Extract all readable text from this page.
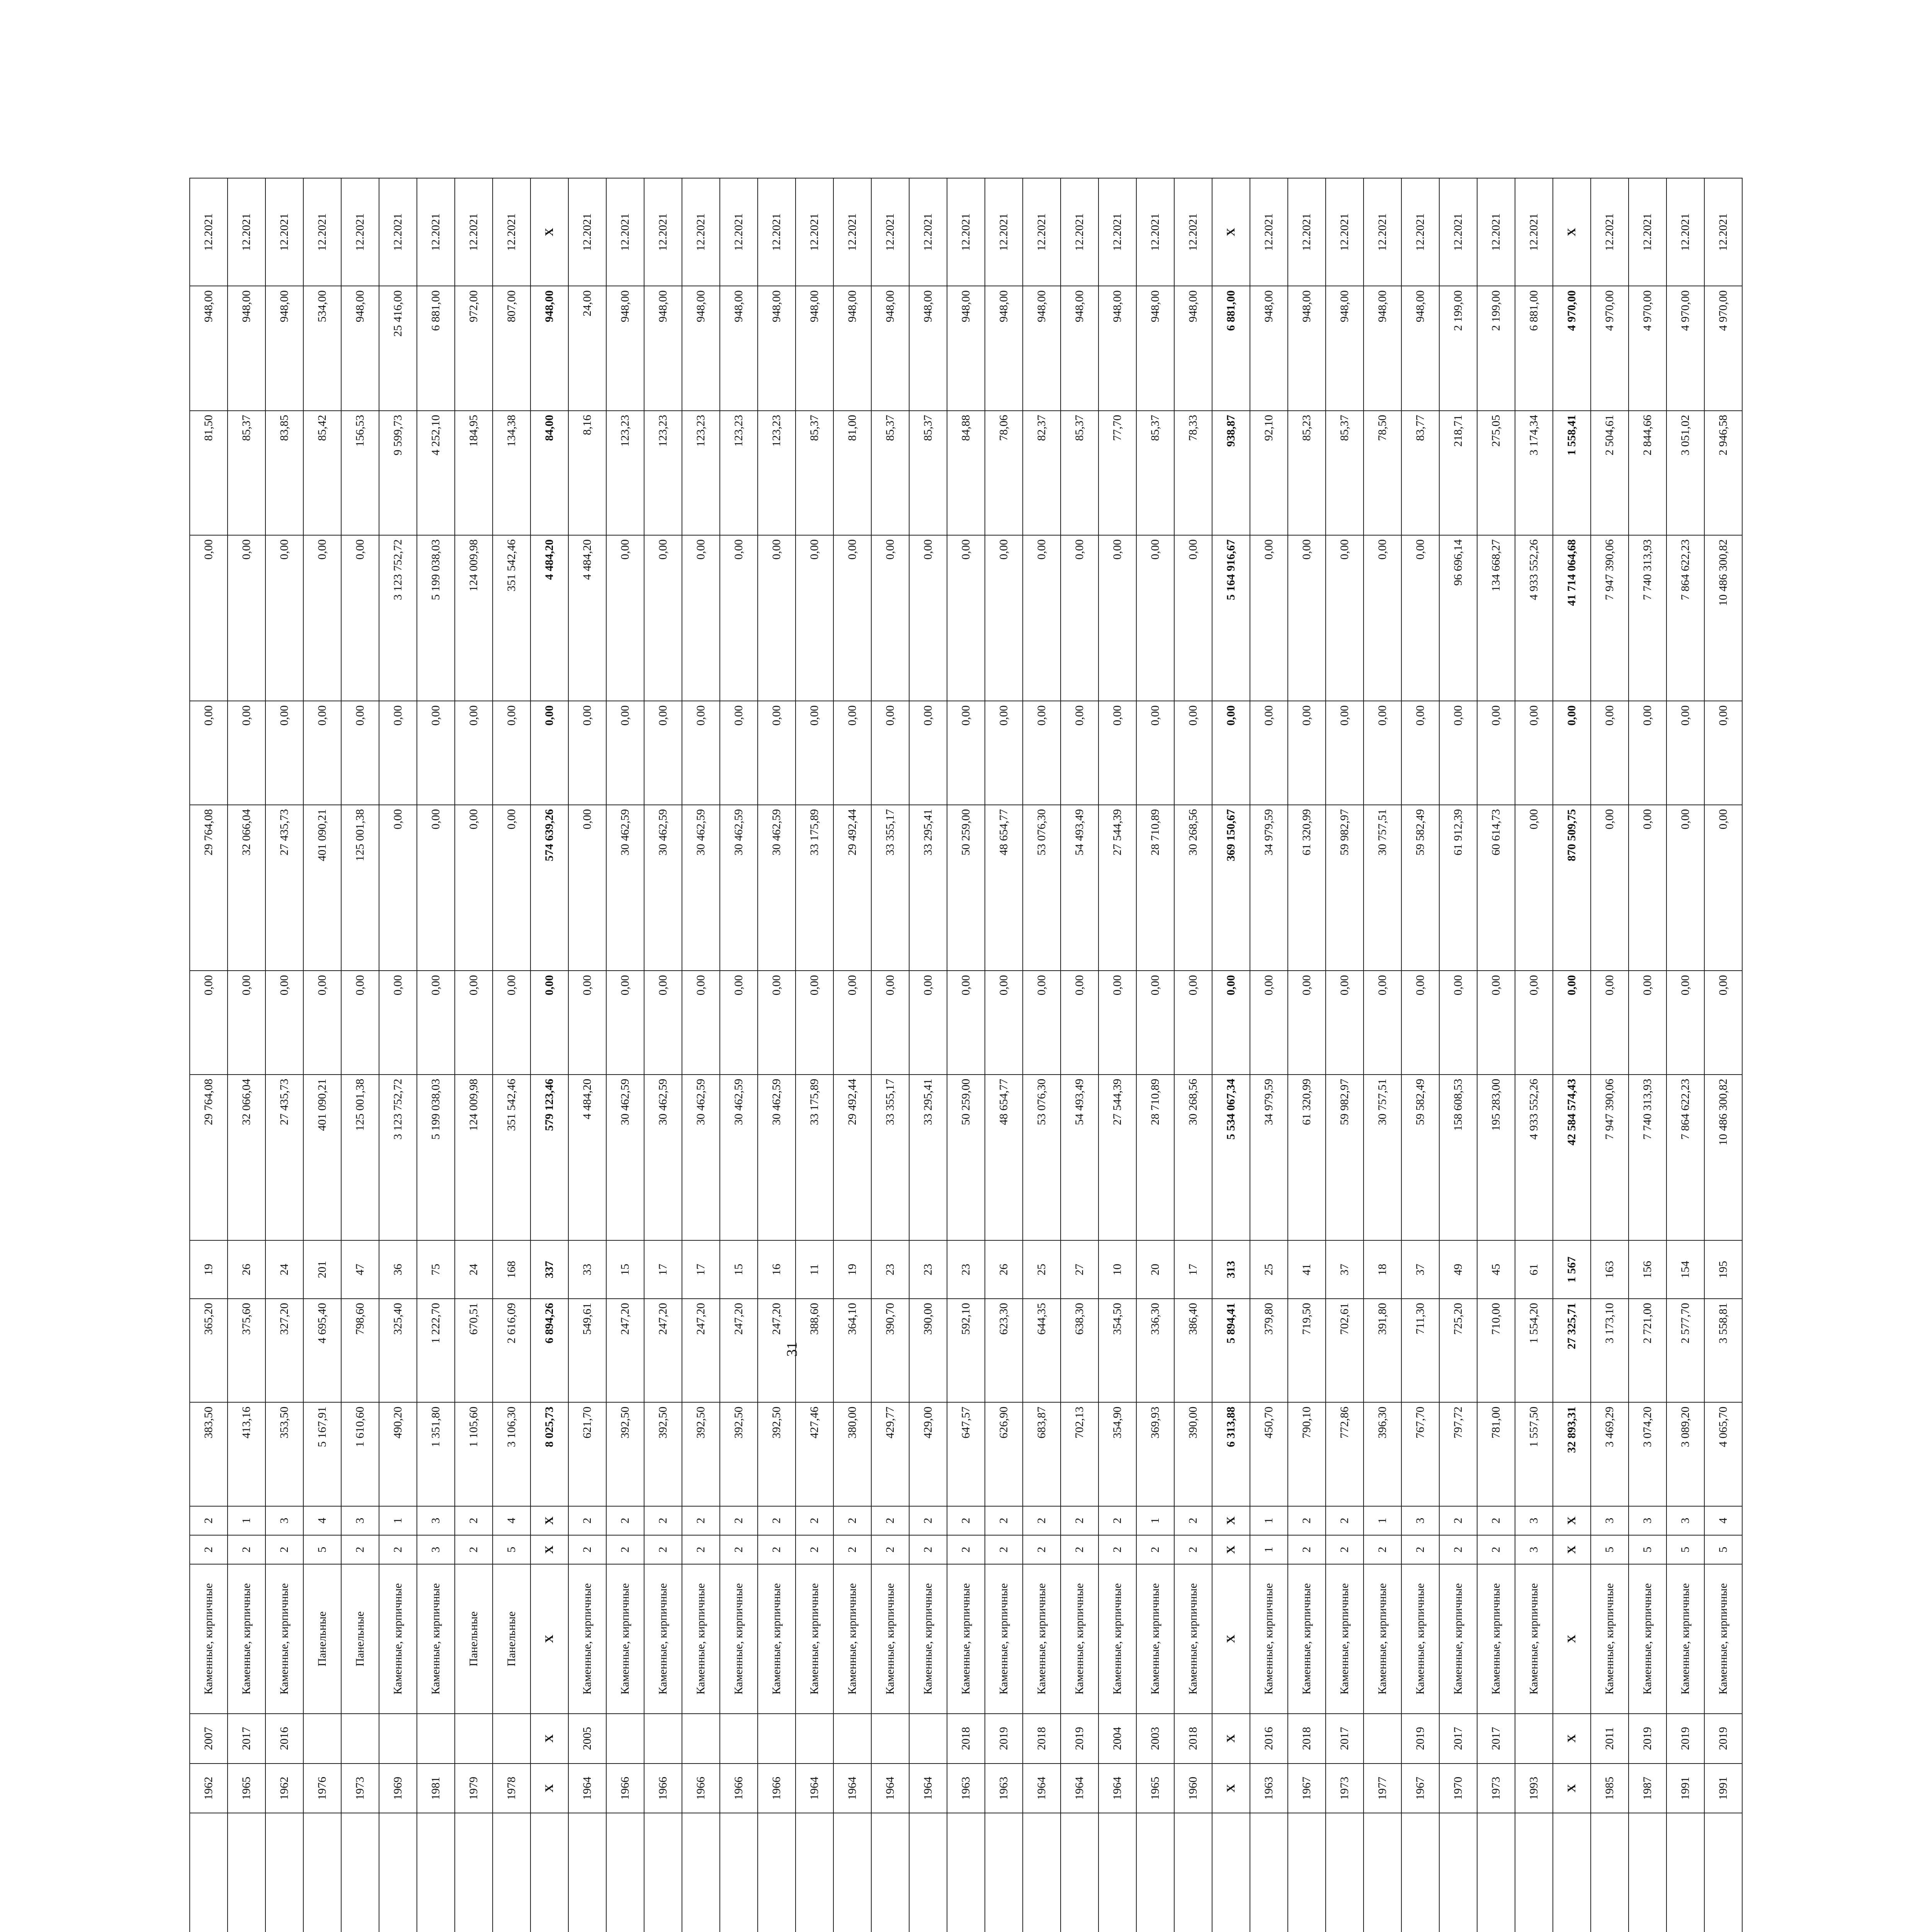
		1962	2007	Каменные, кирпичные	2	2	383,50	365,20	19	29 764,08	0,00	29 764,08	0,00	0,00	81,50	948,00	12.2021
		1965	2017	Каменные, кирпичные	2	1	413,16	375,60	26	32 066,04	0,00	32 066,04	0,00	0,00	85,37	948,00	12.2021
		1962	2016	Каменные, кирпичные	2	3	353,50	327,20	24	27 435,73	0,00	27 435,73	0,00	0,00	83,85	948,00	12.2021
		1976		Панельные	5	4	5 167,91	4 695,40	201	401 090,21	0,00	401 090,21	0,00	0,00	85,42	534,00	12.2021
		1973		Панельные	2	3	1 610,60	798,60	47	125 001,38	0,00	125 001,38	0,00	0,00	156,53	948,00	12.2021
		1969		Каменные, кирпичные	2	1	490,20	325,40	36	3 123 752,72	0,00	0,00	0,00	3 123 752,72	9 599,73	25 416,00	12.2021
		1981		Каменные, кирпичные	3	3	1 351,80	1 222,70	75	5 199 038,03	0,00	0,00	0,00	5 199 038,03	4 252,10	6 881,00	12.2021
		1979		Панельные	2	2	1 105,60	670,51	24	124 009,98	0,00	0,00	0,00	124 009,98	184,95	972,00	12.2021
		1978		Панельные	5	4	3 106,30	2 616,09	168	351 542,46	0,00	0,00	0,00	351 542,46	134,38	807,00	12.2021
	X	X	X	X	X	8 025,73	6 894,26	337	579 123,46	0,00	574 639,26	0,00	4 484,20	84,00	948,00	X
		1964	2005	Каменные, кирпичные	2	2	621,70	549,61	33	4 484,20	0,00	0,00	0,00	4 484,20	8,16	24,00	12.2021
		1966		Каменные, кирпичные	2	2	392,50	247,20	15	30 462,59	0,00	30 462,59	0,00	0,00	123,23	948,00	12.2021
		1966		Каменные, кирпичные	2	2	392,50	247,20	17	30 462,59	0,00	30 462,59	0,00	0,00	123,23	948,00	12.2021
		1966		Каменные, кирпичные	2	2	392,50	247,20	17	30 462,59	0,00	30 462,59	0,00	0,00	123,23	948,00	12.2021
		1966		Каменные, кирпичные	2	2	392,50	247,20	15	30 462,59	0,00	30 462,59	0,00	0,00	123,23	948,00	12.2021
		1966		Каменные, кирпичные	2	2	392,50	247,20	16	30 462,59	0,00	30 462,59	0,00	0,00	123,23	948,00	12.2021
		1964		Каменные, кирпичные	2	2	427,46	388,60	11	33 175,89	0,00	33 175,89	0,00	0,00	85,37	948,00	12.2021
		1964		Каменные, кирпичные	2	2	380,00	364,10	19	29 492,44	0,00	29 492,44	0,00	0,00	81,00	948,00	12.2021
		1964		Каменные, кирпичные	2	2	429,77	390,70	23	33 355,17	0,00	33 355,17	0,00	0,00	85,37	948,00	12.2021
		1964		Каменные, кирпичные	2	2	429,00	390,00	23	33 295,41	0,00	33 295,41	0,00	0,00	85,37	948,00	12.2021
		1963	2018	Каменные, кирпичные	2	2	647,57	592,10	23	50 259,00	0,00	50 259,00	0,00	0,00	84,88	948,00	12.2021
		1963	2019	Каменные, кирпичные	2	2	626,90	623,30	26	48 654,77	0,00	48 654,77	0,00	0,00	78,06	948,00	12.2021
		1964	2018	Каменные, кирпичные	2	2	683,87	644,35	25	53 076,30	0,00	53 076,30	0,00	0,00	82,37	948,00	12.2021
		1964	2019	Каменные, кирпичные	2	2	702,13	638,30	27	54 493,49	0,00	54 493,49	0,00	0,00	85,37	948,00	12.2021
		1964	2004	Каменные, кирпичные	2	2	354,90	354,50	10	27 544,39	0,00	27 544,39	0,00	0,00	77,70	948,00	12.2021
		1965	2003	Каменные, кирпичные	2	1	369,93	336,30	20	28 710,89	0,00	28 710,89	0,00	0,00	85,37	948,00	12.2021
		1960	2018	Каменные, кирпичные	2	2	390,00	386,40	17	30 268,56	0,00	30 268,56	0,00	0,00	78,33	948,00	12.2021
	X	X	X	X	X	6 313,88	5 894,41	313	5 534 067,34	0,00	369 150,67	0,00	5 164 916,67	938,87	6 881,00	X
		1963	2016	Каменные, кирпичные	1	1	450,70	379,80	25	34 979,59	0,00	34 979,59	0,00	0,00	92,10	948,00	12.2021
		1967	2018	Каменные, кирпичные	2	2	790,10	719,50	41	61 320,99	0,00	61 320,99	0,00	0,00	85,23	948,00	12.2021
		1973	2017	Каменные, кирпичные	2	2	772,86	702,61	37	59 982,97	0,00	59 982,97	0,00	0,00	85,37	948,00	12.2021
		1977		Каменные, кирпичные	2	1	396,30	391,80	18	30 757,51	0,00	30 757,51	0,00	0,00	78,50	948,00	12.2021
		1967	2019	Каменные, кирпичные	2	3	767,70	711,30	37	59 582,49	0,00	59 582,49	0,00	0,00	83,77	948,00	12.2021
		1970	2017	Каменные, кирпичные	2	2	797,72	725,20	49	158 608,53	0,00	61 912,39	0,00	96 696,14	218,71	2 199,00	12.2021
		1973	2017	Каменные, кирпичные	2	2	781,00	710,00	45	195 283,00	0,00	60 614,73	0,00	134 668,27	275,05	2 199,00	12.2021
		1993		Каменные, кирпичные	3	3	1 557,50	1 554,20	61	4 933 552,26	0,00	0,00	0,00	4 933 552,26	3 174,34	6 881,00	12.2021
	X	X	X	X	X	32 893,31	27 325,71	1 567	42 584 574,43	0,00	870 509,75	0,00	41 714 064,68	1 558,41	4 970,00	X
		1985	2011	Каменные, кирпичные	5	3	3 469,29	3 173,10	163	7 947 390,06	0,00	0,00	0,00	7 947 390,06	2 504,61	4 970,00	12.2021
		1987	2019	Каменные, кирпичные	5	3	3 074,20	2 721,00	156	7 740 313,93	0,00	0,00	0,00	7 740 313,93	2 844,66	4 970,00	12.2021
		1991	2019	Каменные, кирпичные	5	3	3 089,20	2 577,70	154	7 864 622,23	0,00	0,00	0,00	7 864 622,23	3 051,02	4 970,00	12.2021
		1991	2019	Каменные, кирпичные	5	4	4 065,70	3 558,81	195	10 486 300,82	0,00	0,00	0,00	10 486 300,82	2 946,58	4 970,00	12.2021
31
